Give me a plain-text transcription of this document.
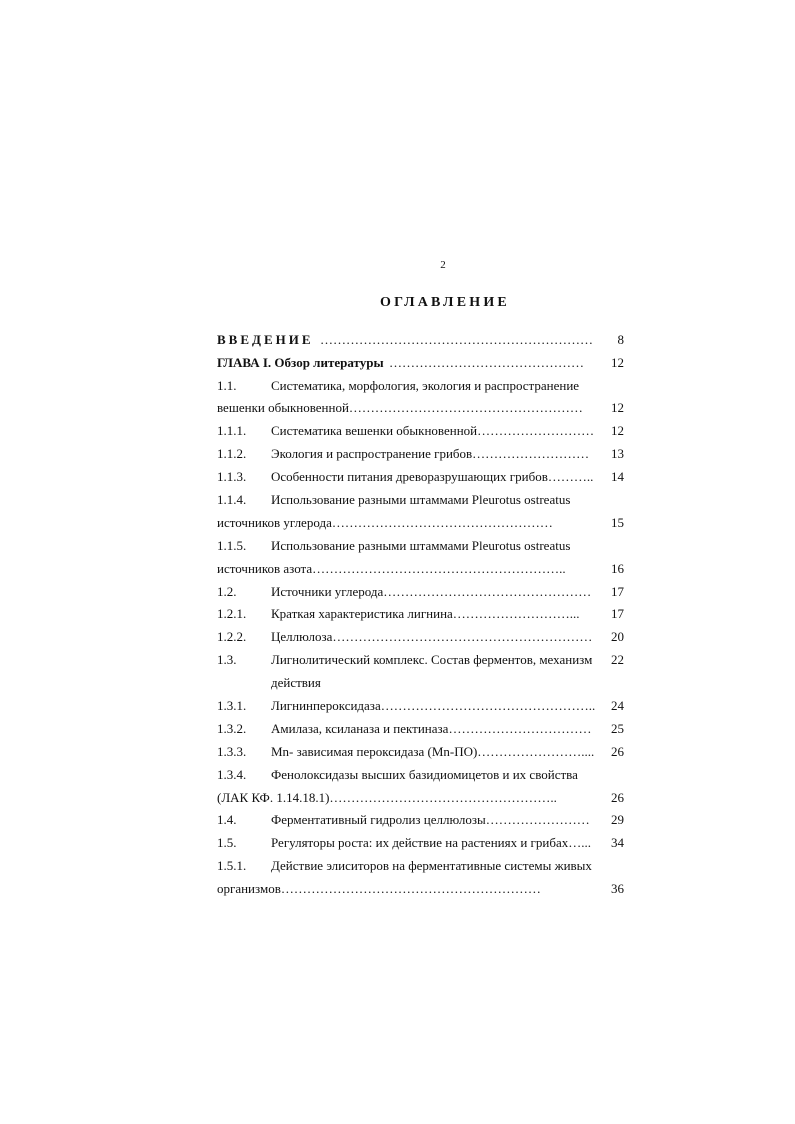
2
ОГЛАВЛЕНИЕ
ВВЕДЕНИЕ ………………………………………………………	8
ГЛАВА I. Обзор литературы ………………………………………	12
1.1.	Систематика, морфология, экология и распространение
вешенки обыкновенной………………………………………………	12
1.1.1. Систематика вешенки обыкновенной………………………	12
1.1.2. Экология и распространение грибов………………………	13
1.1.3. Особенности питания древоразрушающих грибов………..	14
1.1.4. Использование разными штаммами Pleurotus ostreatus
источников углерода……………………………………………	15
1.1.5. Использование разными штаммами Pleurotus ostreatus
источников азота…………………………………………………..	16
1.2.	Источники углерода…………………………………………	17
1.2.1. Краткая характеристика лигнина………………………...	17
1.2.2. Целлюлоза……………………………………………………	20
1.3.	Лигнолитический комплекс. Состав ферментов, механизм	22
действия
1.3.1. Лигнинпероксидаза…………………………………………..	24
1.3.2. Амилаза, ксиланаза и пектиназа……………………………	25
1.3.3. Mn- зависимая пероксидаза (Mn-ПО)……………………....	26
1.3.4. Фенолоксидазы высших базидиомицетов и их свойства
(ЛАК КФ. 1.14.18.1)……………………………………………..	26
1.4.	Ферментативный гидролиз целлюлозы……………………	29
1.5.	Регуляторы роста: их действие на растениях и грибах…...	34
1.5.1. Действие элиситоров на ферментативные системы живых
организмов……………………………………………………	36
